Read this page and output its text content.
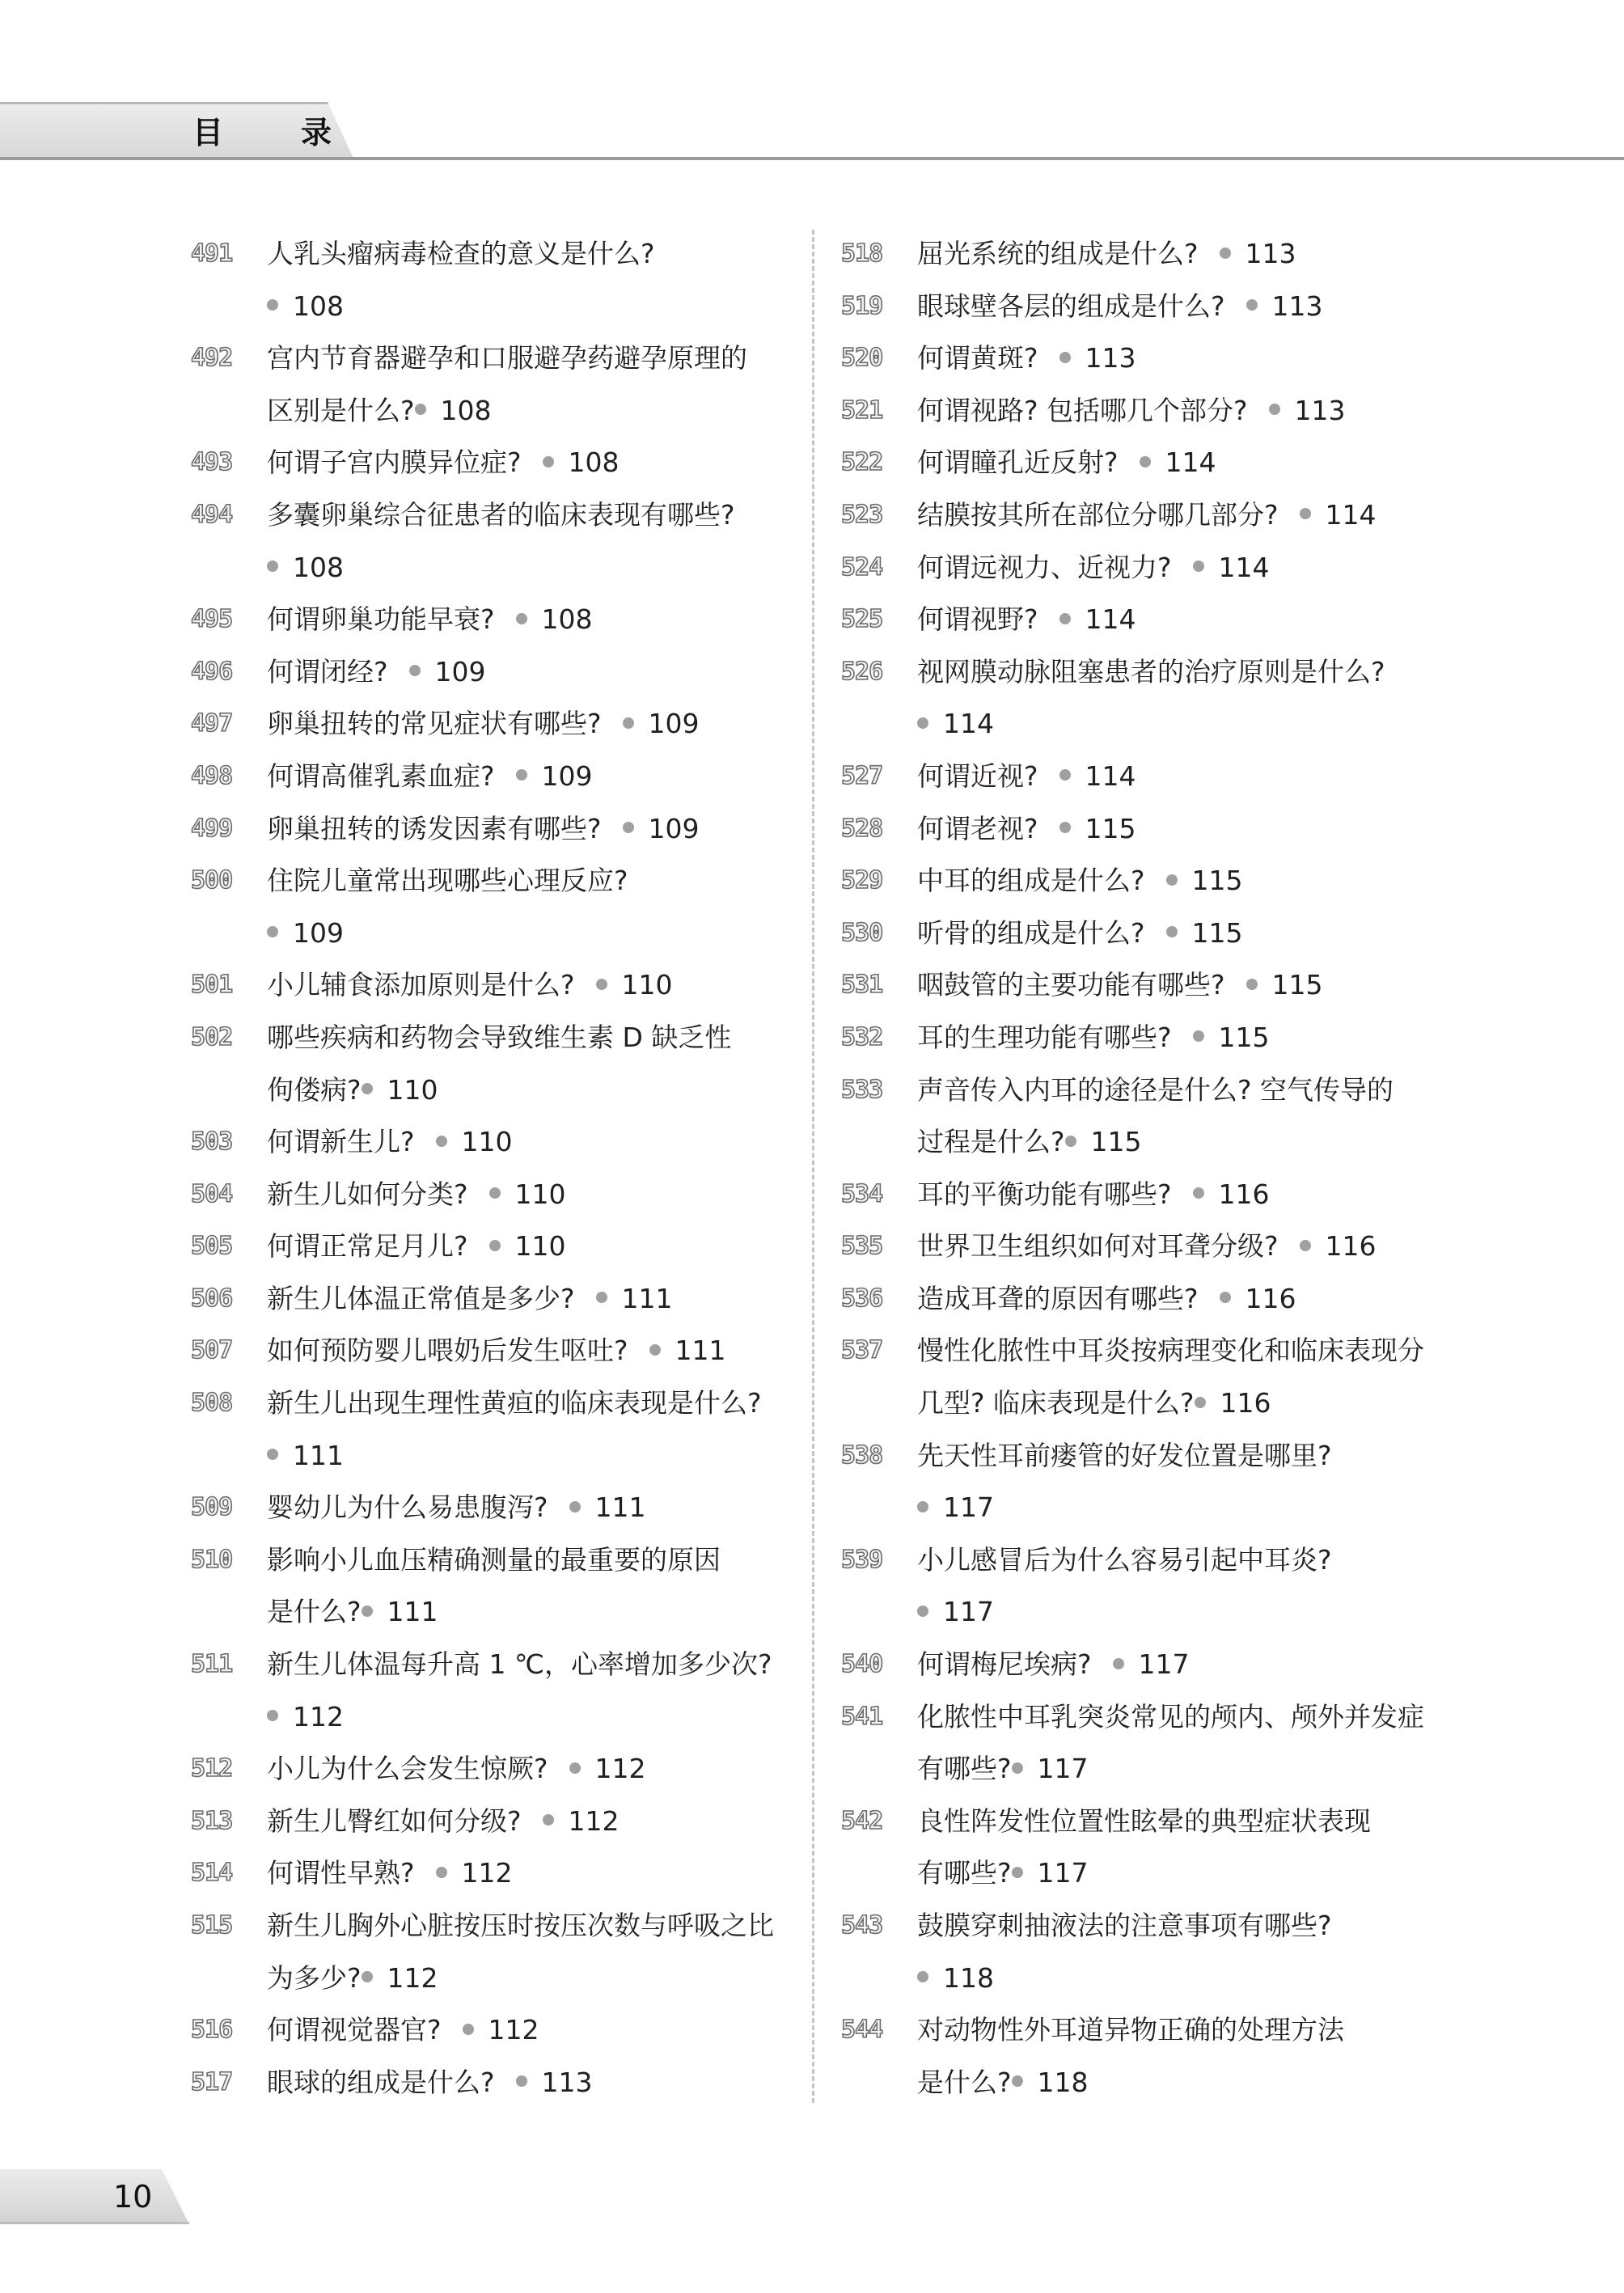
目录
491 人乳头瘤病毒检查的意义是什么?
108
492 宫内节育器避孕和口服避孕药避孕原理的
区别是什么? 108
493 何谓子宫内膜异位症? 108
494 多囊卵巢综合征患者的临床表现有哪些?
108
495 何谓卵巢功能早衰? 108
496 何谓闭经? 109
497 卵巢扭转的常见症状有哪些? 109
498 何谓高催乳素血症? 109
499 卵巢扭转的诱发因素有哪些? 109
500 住院儿童常出现哪些心理反应?
109
501 小儿辅食添加原则是什么? 110
502 哪些疾病和药物会导致维生素 D 缺乏性
佝偻病? 110
503 何谓新生儿? 110
504 新生儿如何分类? 110
505 何谓正常足月儿? 110
506 新生儿体温正常值是多少? 111
507 如何预防婴儿喂奶后发生呕吐? 111
508 新生儿出现生理性黄疸的临床表现是什么?
111
509 婴幼儿为什么易患腹泻? 111
510 影响小儿血压精确测量的最重要的原因
是什么? 111
511 新生儿体温每升高 1 ℃，心率增加多少次?
112
512 小儿为什么会发生惊厥? 112
513 新生儿臀红如何分级? 112
514 何谓性早熟? 112
515 新生儿胸外心脏按压时按压次数与呼吸之比
为多少? 112
516 何谓视觉器官? 112
517 眼球的组成是什么? 113
518 屈光系统的组成是什么? 113
519 眼球壁各层的组成是什么? 113
520 何谓黄斑? 113
521 何谓视路? 包括哪几个部分? 113
522 何谓瞳孔近反射? 114
523 结膜按其所在部位分哪几部分? 114
524 何谓远视力、近视力? 114
525 何谓视野? 114
526 视网膜动脉阻塞患者的治疗原则是什么?
114
527 何谓近视? 114
528 何谓老视? 115
529 中耳的组成是什么? 115
530 听骨的组成是什么? 115
531 咽鼓管的主要功能有哪些? 115
532 耳的生理功能有哪些? 115
533 声音传入内耳的途径是什么? 空气传导的
过程是什么? 115
534 耳的平衡功能有哪些? 116
535 世界卫生组织如何对耳聋分级? 116
536 造成耳聋的原因有哪些? 116
537 慢性化脓性中耳炎按病理变化和临床表现分
几型? 临床表现是什么? 116
538 先天性耳前瘘管的好发位置是哪里?
117
539 小儿感冒后为什么容易引起中耳炎?
117
540 何谓梅尼埃病? 117
541 化脓性中耳乳突炎常见的颅内、颅外并发症
有哪些? 117
542 良性阵发性位置性眩晕的典型症状表现
有哪些? 117
543 鼓膜穿刺抽液法的注意事项有哪些?
118
544 对动物性外耳道异物正确的处理方法
是什么? 118
10
